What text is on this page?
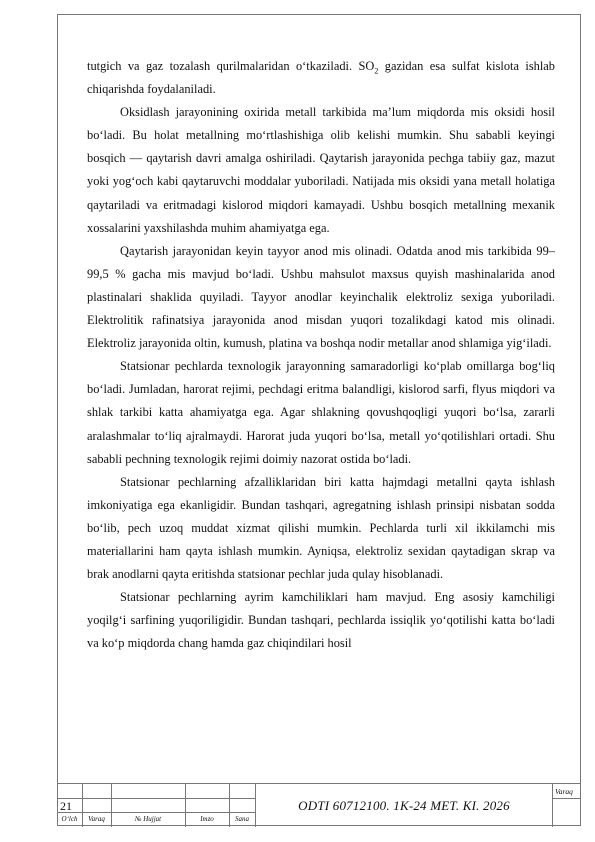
tutgich va gaz tozalash qurilmalaridan o‘tkaziladi. $SO_2$ gazidan esa sulfat kislota ishlab chiqarishda foydalaniladi.

Oksidlash jarayonining oxirida metall tarkibida ma’lum miqdorda mis oksidi hosil bo‘ladi. Bu holat metallning mo‘rtlashishiga olib kelishi mumkin. Shu sababli keyingi bosqich — qaytarish davri amalga oshiriladi. Qaytarish jarayonida pechga tabiiy gaz, mazut yoki yog‘och kabi qaytaruvchi moddalar yuboriladi. Natijada mis oksidi yana metall holatiga qaytariladi va eritmadagi kislorod miqdori kamayadi. Ushbu bosqich metallning mexanik xossalarini yaxshilashda muhim ahamiyatga ega.

Qaytarish jarayonidan keyin tayyor anod mis olinadi. Odatda anod mis tarkibida 99–99,5 % gacha mis mavjud bo‘ladi. Ushbu mahsulot maxsus quyish mashinalarida anod plastinalari shaklida quyiladi. Tayyor anodlar keyinchalik elektroliz sexiga yuboriladi. Elektrolitik rafinatsiya jarayonida anod misdan yuqori tozalikdagi katod mis olinadi. Elektroliz jarayonida oltin, kumush, platina va boshqa nodir metallar anod shlamiga yig‘iladi.

Statsionar pechlarda texnologik jarayonning samaradorligi ko‘plab omillarga bog‘liq bo‘ladi. Jumladan, harorat rejimi, pechdagi eritma balandligi, kislorod sarfi, flyus miqdori va shlak tarkibi katta ahamiyatga ega. Agar shlakning qovushqoqligi yuqori bo‘lsa, zararli aralashmalar to‘liq ajralmaydi. Harorat juda yuqori bo‘lsa, metall yo‘qotilishlari ortadi. Shu sababli pechning texnologik rejimi doimiy nazorat ostida bo‘ladi.

Statsionar pechlarning afzalliklaridan biri katta hajmdagi metallni qayta ishlash imkoniyatiga ega ekanligidir. Bundan tashqari, agregatning ishlash prinsipi nisbatan sodda bo‘lib, pech uzoq muddat xizmat qilishi mumkin. Pechlarda turli xil ikkilamchi mis materiallarini ham qayta ishlash mumkin. Ayniqsa, elektroliz sexidan qaytadigan skrap va brak anodlarni qayta eritishda statsionar pechlar juda qulay hisoblanadi.

Statsionar pechlarning ayrim kamchiliklari ham mavjud. Eng asosiy kamchiligi yoqilg‘i sarfining yuqoriligidir. Bundan tashqari, pechlarda issiqlik yo‘qotilishi katta bo‘ladi va ko‘p miqdorda chang hamda gaz chiqindilari hosil

21
O‘lch	Varaq	№ Hujjat	Imzo	Sana
ODTI 60712100. 1K-24 MET. KI. 2026
Varaq
